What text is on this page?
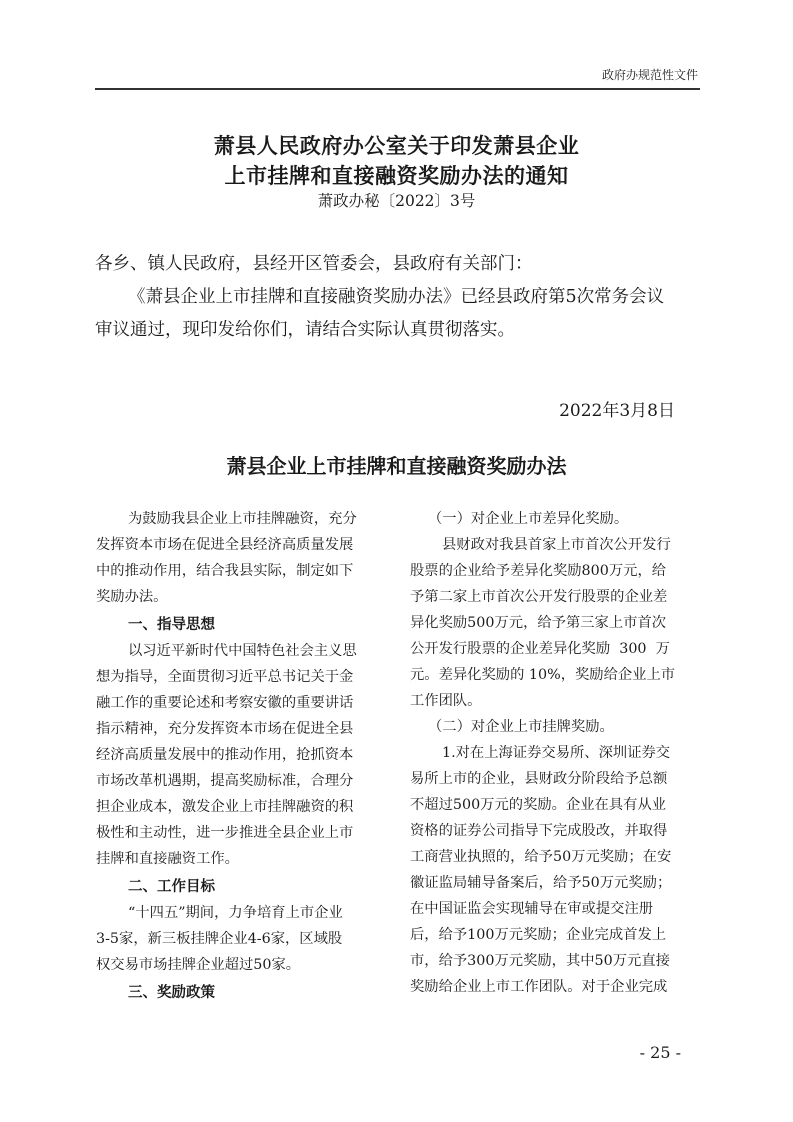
政府办规范性文件
萧县人民政府办公室关于印发萧县企业
上市挂牌和直接融资奖励办法的通知
萧政办秘〔2022〕3号
各乡、镇人民政府，县经开区管委会，县政府有关部门：
《萧县企业上市挂牌和直接融资奖励办法》已经县政府第5次常务会议
审议通过，现印发给你们，请结合实际认真贯彻落实。
2022年3月8日
萧县企业上市挂牌和直接融资奖励办法
为鼓励我县企业上市挂牌融资，充分
发挥资本市场在促进全县经济高质量发展
中的推动作用，结合我县实际，制定如下
奖励办法。
一、指导思想
以习近平新时代中国特色社会主义思
想为指导，全面贯彻习近平总书记关于金
融工作的重要论述和考察安徽的重要讲话
指示精神，充分发挥资本市场在促进全县
经济高质量发展中的推动作用，抢抓资本
市场改革机遇期，提高奖励标准，合理分
担企业成本，激发企业上市挂牌融资的积
极性和主动性，进一步推进全县企业上市
挂牌和直接融资工作。
二、工作目标
“十四五”期间，力争培育上市企业
3-5家，新三板挂牌企业4-6家，区域股
权交易市场挂牌企业超过50家。
三、奖励政策
（一）对企业上市差异化奖励。
县财政对我县首家上市首次公开发行
股票的企业给予差异化奖励800万元，给
予第二家上市首次公开发行股票的企业差
异化奖励500万元，给予第三家上市首次
公开发行股票的企业差异化奖励  300  万
元。差异化奖励的 10%，奖励给企业上市
工作团队。
（二）对企业上市挂牌奖励。
1.对在上海证券交易所、深圳证券交
易所上市的企业，县财政分阶段给予总额
不超过500万元的奖励。企业在具有从业
资格的证券公司指导下完成股改，并取得
工商营业执照的，给予50万元奖励；在安
徽证监局辅导备案后，给予50万元奖励；
在中国证监会实现辅导在审或提交注册
后，给予100万元奖励；企业完成首发上
市，给予300万元奖励，其中50万元直接
奖励给企业上市工作团队。对于企业完成
- 25 -
